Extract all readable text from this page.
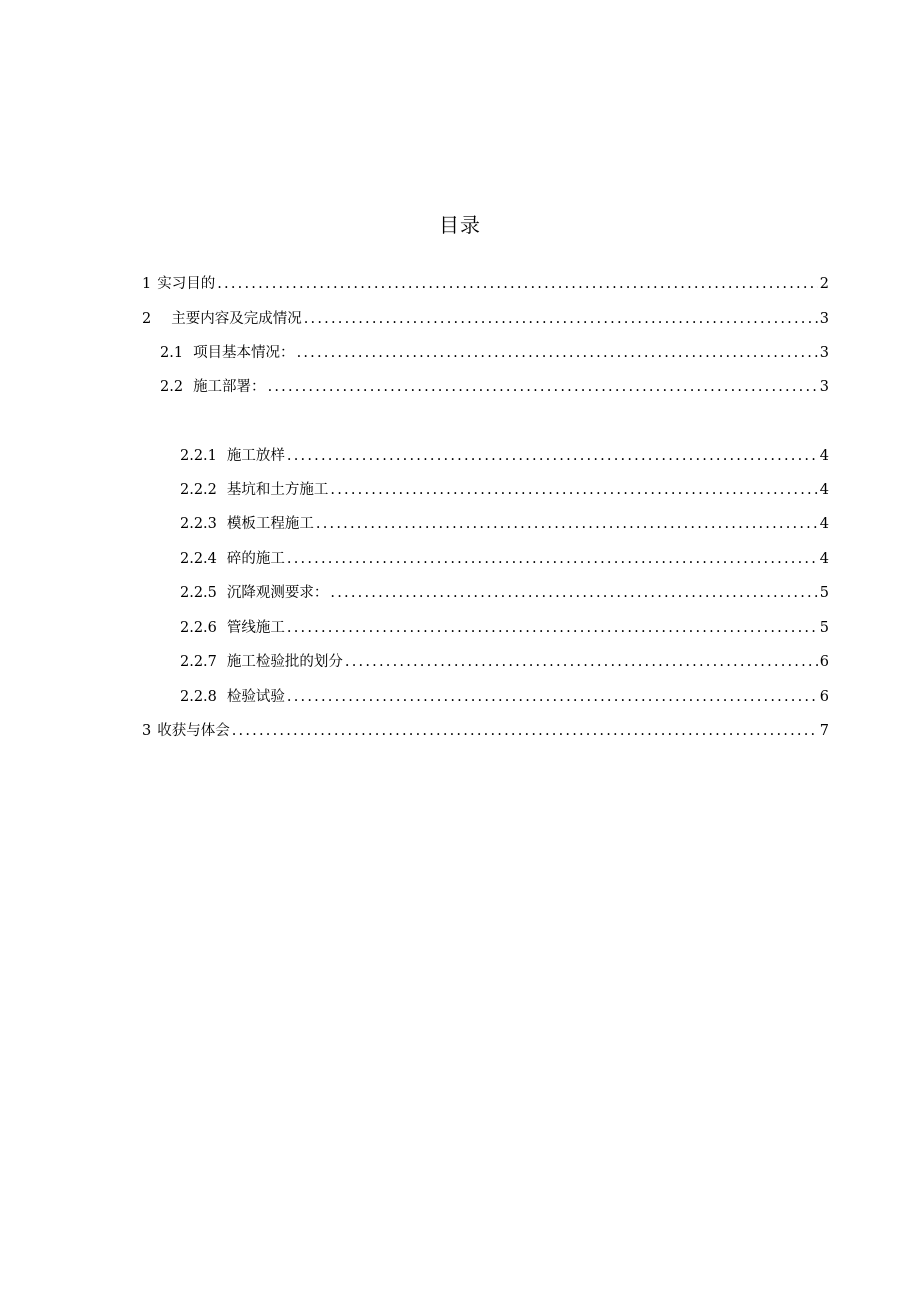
目录
1 实习目的 .....	2
2 主要内容及完成情况 .....	3
2.1 项目基本情况： .....	3
2.2 施工部署： .....	3
2.2.1 施工放样 .....	4
2.2.2 基坑和土方施工 .....	4
2.2.3 模板工程施工 .....	4
2.2.4 碎的施工 .....	4
2.2.5 沉降观测要求： .....	5
2.2.6 管线施工 .....	5
2.2.7 施工检验批的划分 .....	6
2.2.8 检验试验 .....	6
3 收获与体会 .....	7
